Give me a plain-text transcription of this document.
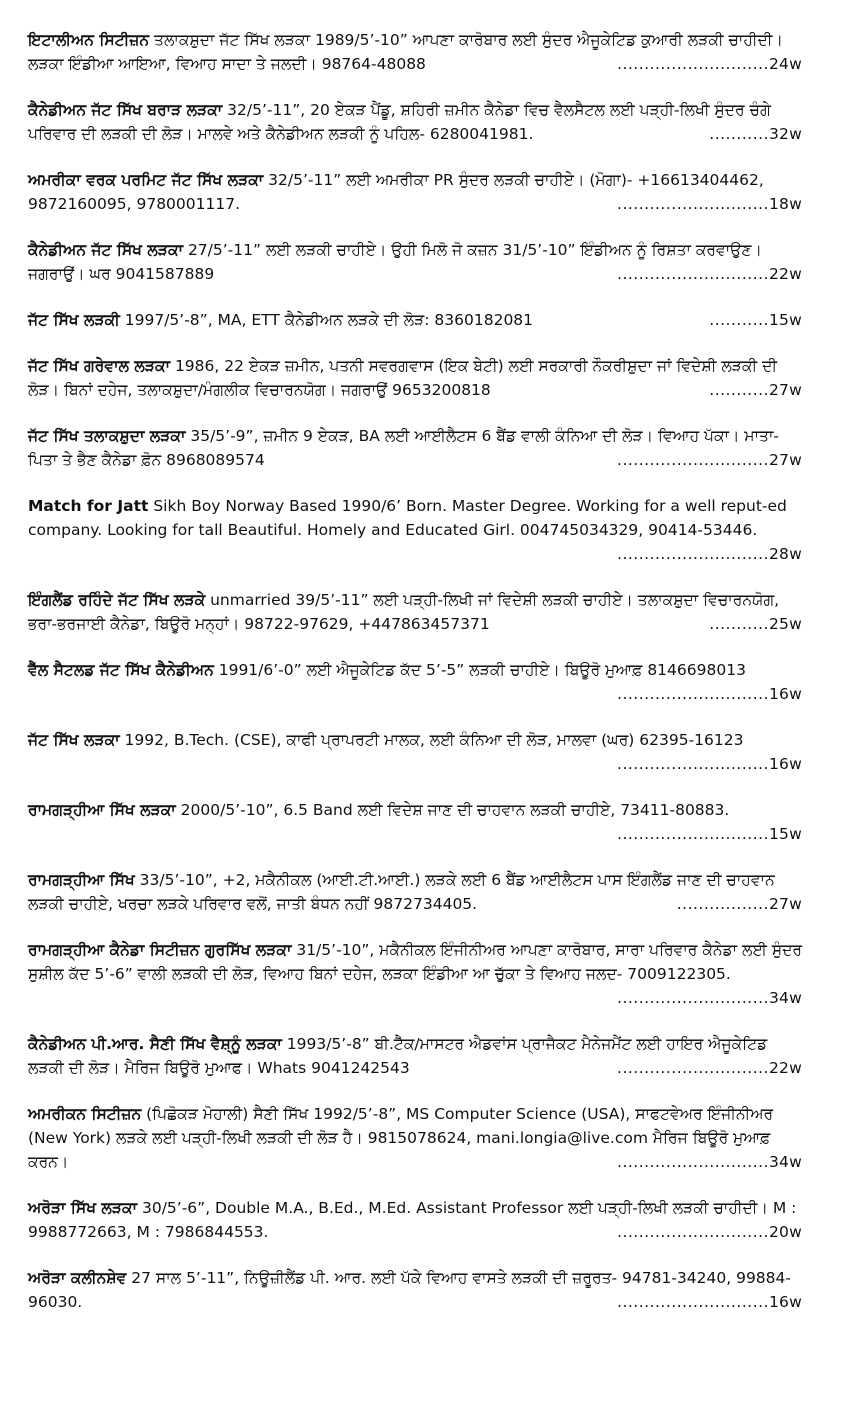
ਇਟਾਲੀਅਨ ਸਿਟੀਜ਼ਨ ਤਲਾਕਸ਼ੁਦਾ ਜੱਟ ਸਿੱਖ ਲੜਕਾ 1989/5’-10” ਆਪਣਾ ਕਾਰੋਬਾਰ ਲਈ ਸੁੰਦਰ ਐਜੂਕੇਟਿਡ ਕੁਆਰੀ ਲੜਕੀ ਚਾਹੀਦੀ। ਲੜਕਾ ਇੰਡੀਆ ਆਇਆ, ਵਿਆਹ ਸਾਦਾ ਤੇ ਜਲਦੀ। 98764-48088	..... 24w
ਕੈਨੇਡੀਅਨ ਜੱਟ ਸਿੱਖ ਬਰਾੜ ਲੜਕਾ 32/5’-11”, 20 ਏਕੜ ਪੈਂਡੂ, ਸ਼ਹਿਰੀ ਜ਼ਮੀਨ ਕੈਨੇਡਾ ਵਿਚ ਵੈਲਸੈਟਲ ਲਈ ਪੜ੍ਹੀ-ਲਿਖੀ ਸੁੰਦਰ ਚੰਗੇ ਪਰਿਵਾਰ ਦੀ ਲੜਕੀ ਦੀ ਲੋੜ। ਮਾਲਵੇ ਅਤੇ ਕੈਨੇਡੀਅਨ ਲੜਕੀ ਨੂੰ ਪਹਿਲ- 6280041981.	..... 32w
ਅਮਰੀਕਾ ਵਰਕ ਪਰਮਿਟ ਜੱਟ ਸਿੱਖ ਲੜਕਾ 32/5’-11” ਲਈ ਅਮਰੀਕਾ PR ਸੁੰਦਰ ਲੜਕੀ ਚਾਹੀਏ। (ਮੋਗਾ)- +16613404462, 9872160095, 9780001117.	..... 18w
ਕੈਨੇਡੀਅਨ ਜੱਟ ਸਿੱਖ ਲੜਕਾ 27/5’-11” ਲਈ ਲੜਕੀ ਚਾਹੀਏ। ਉਹੀ ਮਿਲੋ ਜੋ ਕਜ਼ਨ 31/5’-10” ਇੰਡੀਅਨ ਨੂੰ ਰਿਸ਼ਤਾ ਕਰਵਾਉਣ। ਜਗਰਾਉਂ। ਘਰ 9041587889	..... 22w
ਜੱਟ ਸਿੱਖ ਲੜਕੀ 1997/5’-8”, MA, ETT ਕੈਨੇਡੀਅਨ ਲੜਕੇ ਦੀ ਲੋੜ: 8360182081	..... 15w
ਜੱਟ ਸਿੱਖ ਗਰੇਵਾਲ ਲੜਕਾ 1986, 22 ਏਕੜ ਜ਼ਮੀਨ, ਪਤਨੀ ਸਵਰਗਵਾਸ (ਇਕ ਬੇਟੀ) ਲਈ ਸਰਕਾਰੀ ਨੌਕਰੀਸ਼ੁਦਾ ਜਾਂ ਵਿਦੇਸ਼ੀ ਲੜਕੀ ਦੀ ਲੋੜ। ਬਿਨਾਂ ਦਹੇਜ, ਤਲਾਕਸ਼ੁਦਾ/ਮੰਗਲੀਕ ਵਿਚਾਰਨਯੋਗ। ਜਗਰਾਉਂ 9653200818	..... 27w
ਜੱਟ ਸਿੱਖ ਤਲਾਕਸ਼ੁਦਾ ਲੜਕਾ 35/5’-9”, ਜ਼ਮੀਨ 9 ਏਕੜ, BA ਲਈ ਆਈਲੈਟਸ 6 ਬੈਂਡ ਵਾਲੀ ਕੰਨਿਆ ਦੀ ਲੋੜ। ਵਿਆਹ ਪੱਕਾ। ਮਾਤਾ-ਪਿਤਾ ਤੇ ਭੈਣ ਕੈਨੇਡਾ ਫ਼ੋਨ 8968089574	..... 27w
Match for Jatt Sikh Boy Norway Based 1990/6’ Born. Master Degree. Working for a well reput-ed company. Looking for tall Beautiful. Homely and Educated Girl. 004745034329, 90414-53446.
..... 28w
ਇੰਗਲੈਂਡ ਰਹਿੰਦੇ ਜੱਟ ਸਿੱਖ ਲੜਕੇ unmarried 39/5’-11” ਲਈ ਪੜ੍ਹੀ-ਲਿਖੀ ਜਾਂ ਵਿਦੇਸ਼ੀ ਲੜਕੀ ਚਾਹੀਏ। ਤਲਾਕਸ਼ੁਦਾ ਵਿਚਾਰਨਯੋਗ, ਭਰਾ-ਭਰਜਾਈ ਕੈਨੇਡਾ, ਬਿਊਰੋ ਮਨ੍ਹਾਂ। 98722-97629, +447863457371	..... 25w
ਵੈੱਲ ਸੈਟਲਡ ਜੱਟ ਸਿੱਖ ਕੈਨੇਡੀਅਨ 1991/6’-0” ਲਈ ਐਜੂਕੇਟਿਡ ਕੱਦ 5’-5” ਲੜਕੀ ਚਾਹੀਏ। ਬਿਊਰੋ ਮੁਆਫ਼ 8146698013
..... 16w
ਜੱਟ ਸਿੱਖ ਲੜਕਾ 1992, B.Tech. (CSE), ਕਾਫੀ ਪ੍ਰਾਪਰਟੀ ਮਾਲਕ, ਲਈ ਕੰਨਿਆ ਦੀ ਲੋੜ, ਮਾਲਵਾ (ਘਰ) 62395-16123
..... 16w
ਰਾਮਗੜ੍ਹੀਆ ਸਿੱਖ ਲੜਕਾ 2000/5’-10”, 6.5 Band ਲਈ ਵਿਦੇਸ਼ ਜਾਣ ਦੀ ਚਾਹਵਾਨ ਲੜਕੀ ਚਾਹੀਏ, 73411-80883.
..... 15w
ਰਾਮਗੜ੍ਹੀਆ ਸਿੱਖ 33/5’-10”, +2, ਮਕੈਨੀਕਲ (ਆਈ.ਟੀ.ਆਈ.) ਲੜਕੇ ਲਈ 6 ਬੈਂਡ ਆਈਲੈਟਸ ਪਾਸ ਇੰਗਲੈਂਡ ਜਾਣ ਦੀ ਚਾਹਵਾਨ ਲੜਕੀ ਚਾਹੀਏ, ਖਰਚਾ ਲੜਕੇ ਪਰਿਵਾਰ ਵਲੋਂ, ਜਾਤੀ ਬੰਧਨ ਨਹੀਂ 9872734405.	..... 27w
ਰਾਮਗੜ੍ਹੀਆ ਕੈਨੇਡਾ ਸਿਟੀਜ਼ਨ ਗੁਰਸਿੱਖ ਲੜਕਾ 31/5’-10”, ਮਕੈਨੀਕਲ ਇੰਜੀਨੀਅਰ ਆਪਣਾ ਕਾਰੋਬਾਰ, ਸਾਰਾ ਪਰਿਵਾਰ ਕੈਨੇਡਾ ਲਈ ਸੁੰਦਰ ਸੁਸ਼ੀਲ ਕੱਦ 5’-6” ਵਾਲੀ ਲੜਕੀ ਦੀ ਲੋੜ, ਵਿਆਹ ਬਿਨਾਂ ਦਹੇਜ, ਲੜਕਾ ਇੰਡੀਆ ਆ ਚੁੱਕਾ ਤੇ ਵਿਆਹ ਜਲਦ- 7009122305.
..... 34w
ਕੈਨੇਡੀਅਨ ਪੀ.ਆਰ. ਸੈਣੀ ਸਿੱਖ ਵੈਸ਼੍ਨੂੰ ਲੜਕਾ 1993/5’-8” ਬੀ.ਟੈੱਕ/ਮਾਸਟਰ ਐਡਵਾਂਸ ਪ੍ਰਾਜੈਕਟ ਮੈਨੇਜਮੈਂਟ ਲਈ ਹਾਇਰ ਐਜੂਕੇਟਿਡ ਲੜਕੀ ਦੀ ਲੋੜ। ਮੈਰਿਜ ਬਿਊਰੋ ਮੁਆਫ। Whats 9041242543	..... 22w
ਅਮਰੀਕਨ ਸਿਟੀਜ਼ਨ (ਪਿਛੋਕੜ ਮੋਹਾਲੀ) ਸੈਣੀ ਸਿੱਖ 1992/5’-8”, MS Computer Science (USA), ਸਾਫਟਵੇਅਰ ਇੰਜੀਨੀਅਰ (New York) ਲੜਕੇ ਲਈ ਪੜ੍ਹੀ-ਲਿਖੀ ਲੜਕੀ ਦੀ ਲੋੜ ਹੈ। 9815078624, mani.longia@live.com ਮੈਰਿਜ ਬਿਊਰੋ ਮੁਆਫ਼ ਕਰਨ।	..... 34w
ਅਰੋੜਾ ਸਿੱਖ ਲੜਕਾ 30/5’-6”, Double M.A., B.Ed., M.Ed. Assistant Professor ਲਈ ਪੜ੍ਹੀ-ਲਿਖੀ ਲੜਕੀ ਚਾਹੀਦੀ। M : 9988772663, M : 7986844553.	..... 20w
ਅਰੋੜਾ ਕਲੀਨਸ਼ੇਵ 27 ਸਾਲ 5’-11”, ਨਿਊਜ਼ੀਲੈਂਡ ਪੀ. ਆਰ. ਲਈ ਪੱਕੇ ਵਿਆਹ ਵਾਸਤੇ ਲੜਕੀ ਦੀ ਜ਼ਰੂਰਤ- 94781-34240, 99884-96030.	..... 16w
